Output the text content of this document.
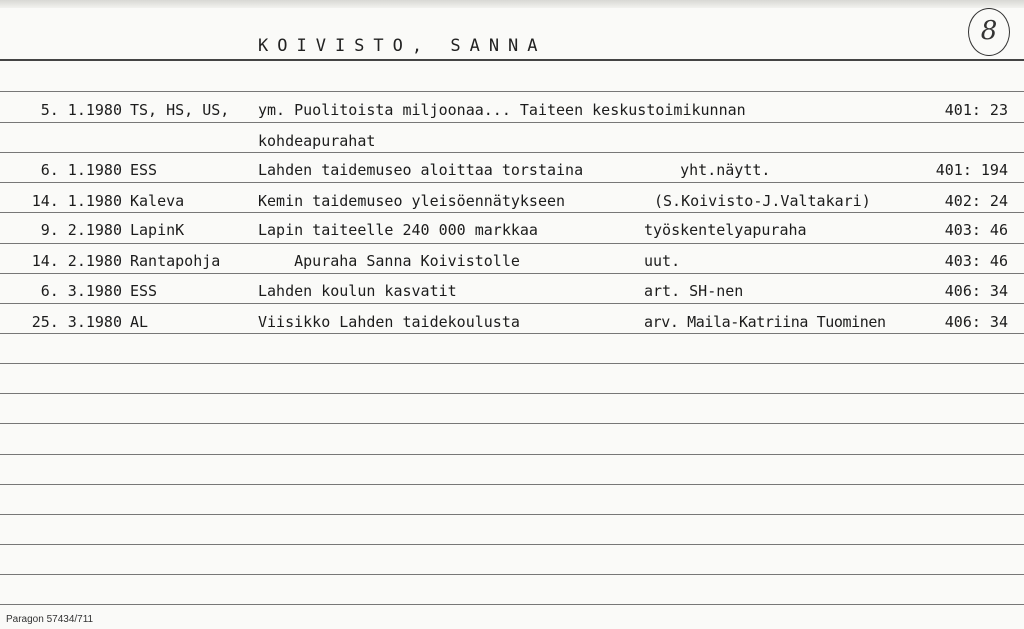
KOIVISTO, SANNA	8
5. 1.1980 TS, HS, US, ym. Puolitoista miljoonaa... Taiteen keskustoimikunnan	401: 23
kohdeapurahat
6. 1.1980 ESS	Lahden taidemuseo aloittaa torstaina	yht.näytt.	401: 194
14. 1.1980 Kaleva	Kemin taidemuseo yleisöennätykseen	(S.Koivisto-J.Valtakari)	402: 24
9. 2.1980 LapinK	Lapin taiteelle 240 000 markkaa	työskentelyapuraha	403: 46
14. 2.1980 Rantapohja	Apuraha Sanna Koivistolle	uut.	403: 46
6. 3.1980 ESS	Lahden koulun kasvatit	art. SH-nen	406: 34
25. 3.1980 AL	Viisikko Lahden taidekoulusta	arv. Maila-Katriina Tuominen	406: 34
Paragon 57434/711
